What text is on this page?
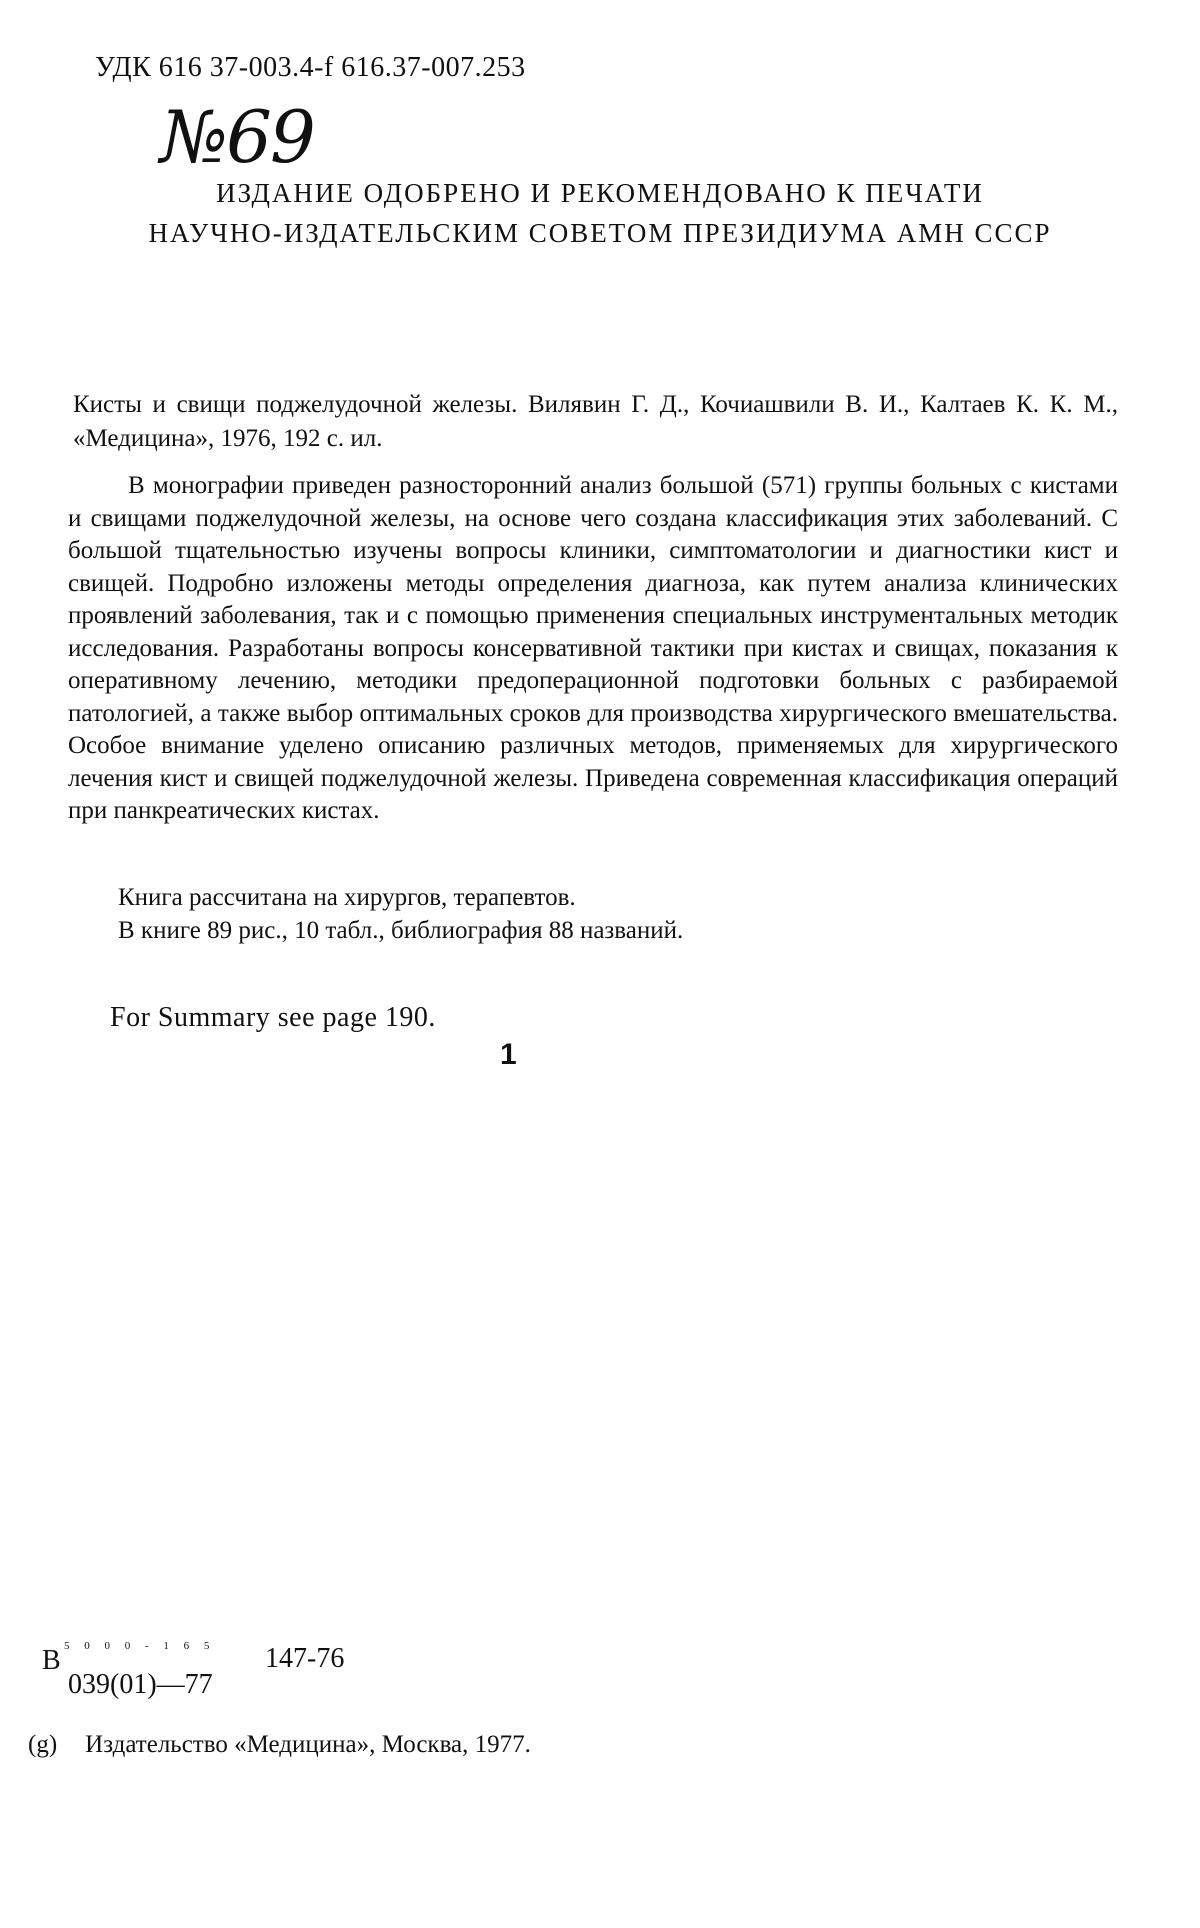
УДК 616 37-003.4-f 616.37-007.253
№69
ИЗДАНИЕ ОДОБРЕНО И РЕКОМЕНДОВАНО К ПЕЧАТИ
НАУЧНО-ИЗДАТЕЛЬСКИМ СОВЕТОМ ПРЕЗИДИУМА АМН СССР
Кисты и свищи поджелудочной железы. Вилявин Г. Д., Кочиашвили В. И., Калтаев К. К. М., «Медицина», 1976, 192 с. ил.

В монографии приведен разносторонний анализ большой (571) группы больных с кистами и свищами поджелудочной железы, на основе чего создана классификация этих заболеваний. С большой тщательностью изучены вопросы клиники, симптоматологии и диагностики кист и свищей. Подробно изложены методы определения диагноза, как путем анализа клинических проявлений заболевания, так и с помощью применения специальных инструментальных методик исследования. Разработаны вопросы консервативной тактики при кистах и свищах, показания к оперативному лечению, методики предоперационной подготовки больных с разбираемой патологией, а также выбор оптимальных сроков для производства хирургического вмешательства. Особое внимание уделено описанию различных методов, применяемых для хирургического лечения кист и свищей поджелудочной железы. Приведена современная классификация операций при панкреатических кистах.

Книга рассчитана на хирургов, терапевтов.
В книге 89 рис., 10 табл., библиография 88 названий.
For Summary see page 190.
1
В 5 0 0 0 - 1 6 5 147-76
039(01)—77
(g) Издательство «Медицина», Москва, 1977.
